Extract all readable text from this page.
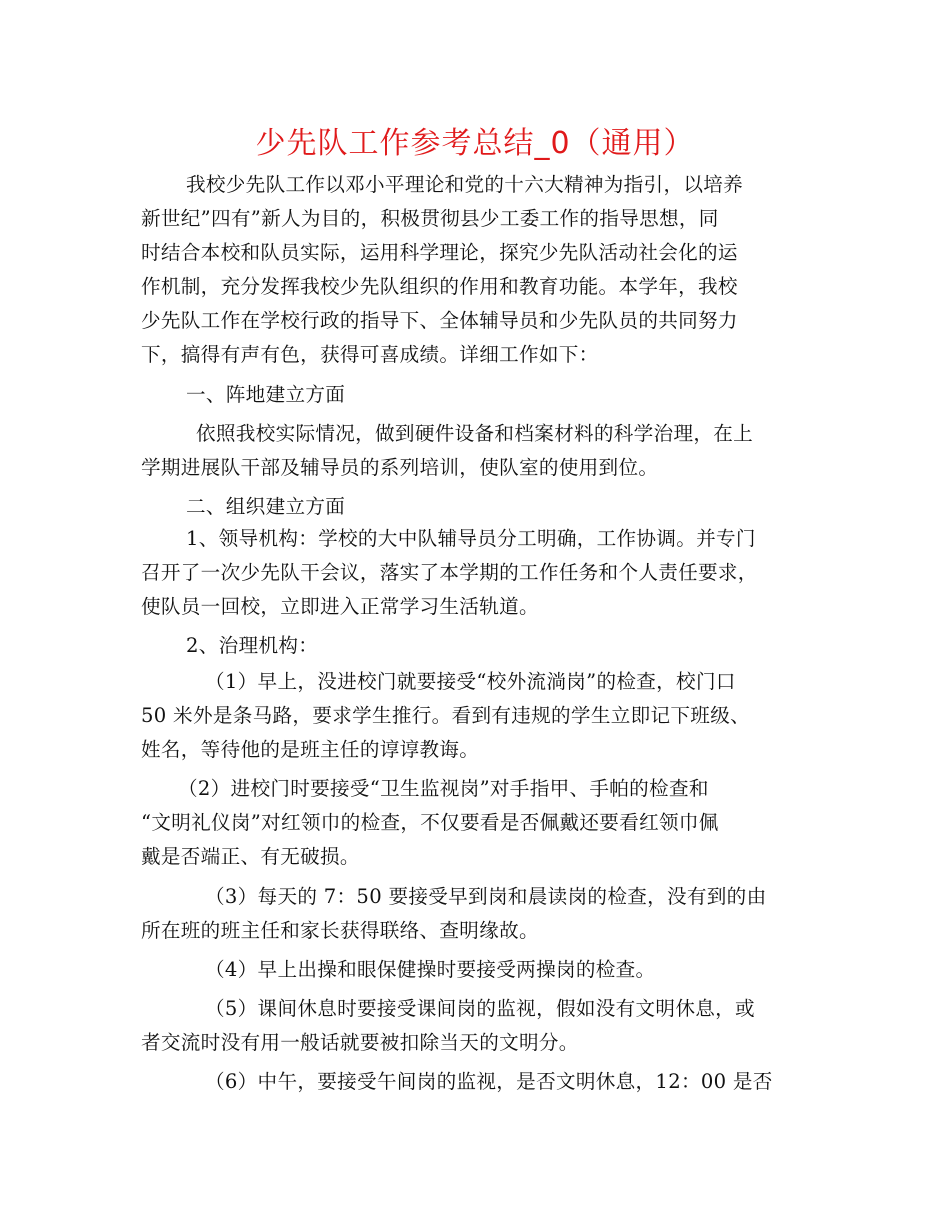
少先队工作参考总结_0（通用）
我校少先队工作以邓小平理论和党的十六大精神为指引，以培养
新世纪”四有”新人为目的，积极贯彻县少工委工作的指导思想，同
时结合本校和队员实际，运用科学理论，探究少先队活动社会化的运
作机制，充分发挥我校少先队组织的作用和教育功能。本学年，我校
少先队工作在学校行政的指导下、全体辅导员和少先队员的共同努力
下，搞得有声有色，获得可喜成绩。详细工作如下：
一、阵地建立方面
依照我校实际情况，做到硬件设备和档案材料的科学治理，在上
学期进展队干部及辅导员的系列培训，使队室的使用到位。
二、组织建立方面
1、领导机构：学校的大中队辅导员分工明确，工作协调。并专门
召开了一次少先队干会议，落实了本学期的工作任务和个人责任要求，
使队员一回校，立即进入正常学习生活轨道。
2、治理机构：
（1）早上，没进校门就要接受“校外流淌岗”的检查，校门口
50 米外是条马路，要求学生推行。看到有违规的学生立即记下班级、
姓名，等待他的是班主任的谆谆教诲。
（2）进校门时要接受“卫生监视岗”对手指甲、手帕的检查和
“文明礼仪岗”对红领巾的检查，不仅要看是否佩戴还要看红领巾佩
戴是否端正、有无破损。
（3）每天的 7：50 要接受早到岗和晨读岗的检查，没有到的由
所在班的班主任和家长获得联络、查明缘故。
（4）早上出操和眼保健操时要接受两操岗的检查。
（5）课间休息时要接受课间岗的监视，假如没有文明休息，或
者交流时没有用一般话就要被扣除当天的文明分。
（6）中午，要接受午间岗的监视，是否文明休息，12：00 是否
